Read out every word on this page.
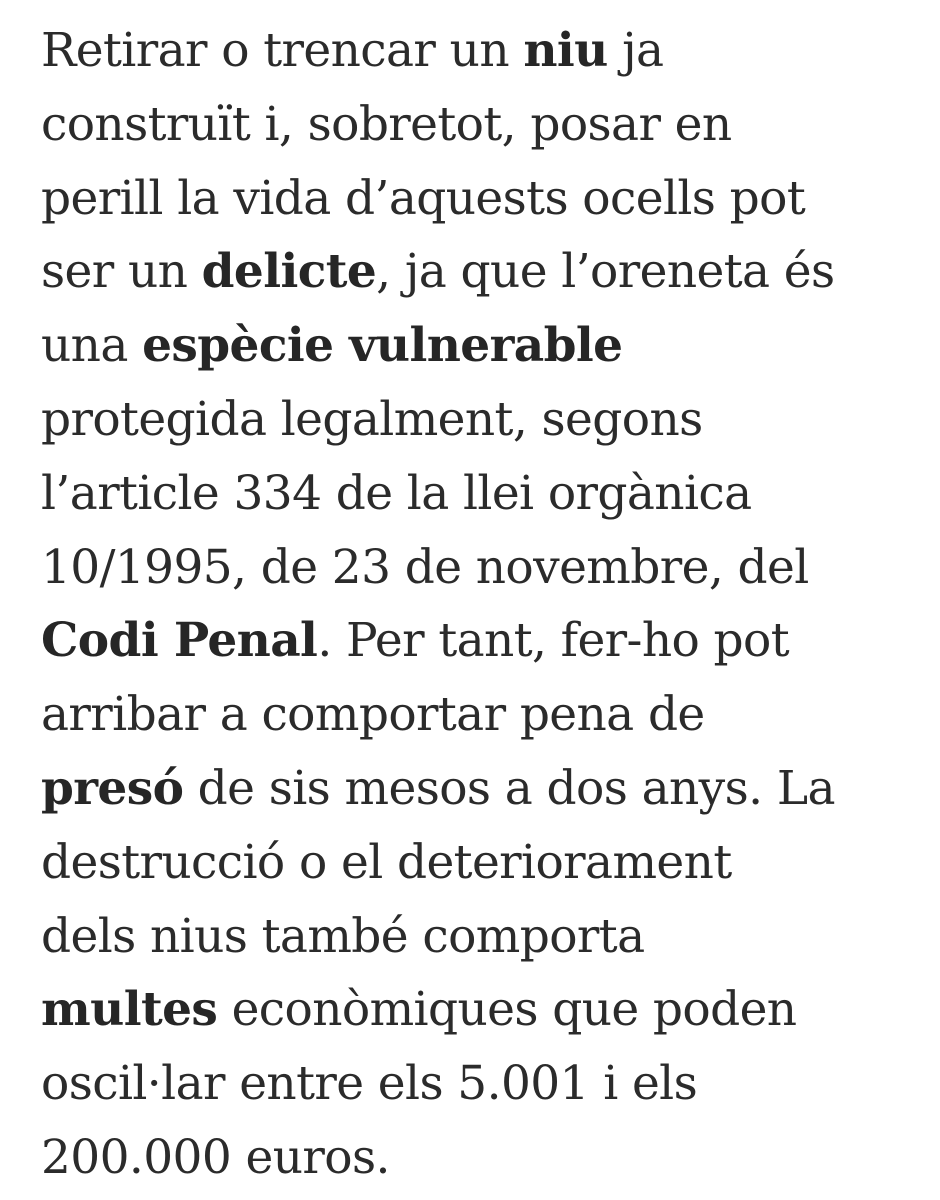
Retirar o trencar un niu ja
construït i, sobretot, posar en
perill la vida d’aquests ocells pot
ser un delicte, ja que l’oreneta és
una espècie vulnerable
protegida legalment, segons
l’article 334 de la llei orgànica
10/1995, de 23 de novembre, del
Codi Penal. Per tant, fer-ho pot
arribar a comportar pena de
presó de sis mesos a dos anys. La
destrucció o el deteriorament
dels nius també comporta
multes econòmiques que poden
oscil·lar entre els 5.001 i els
200.000 euros.
